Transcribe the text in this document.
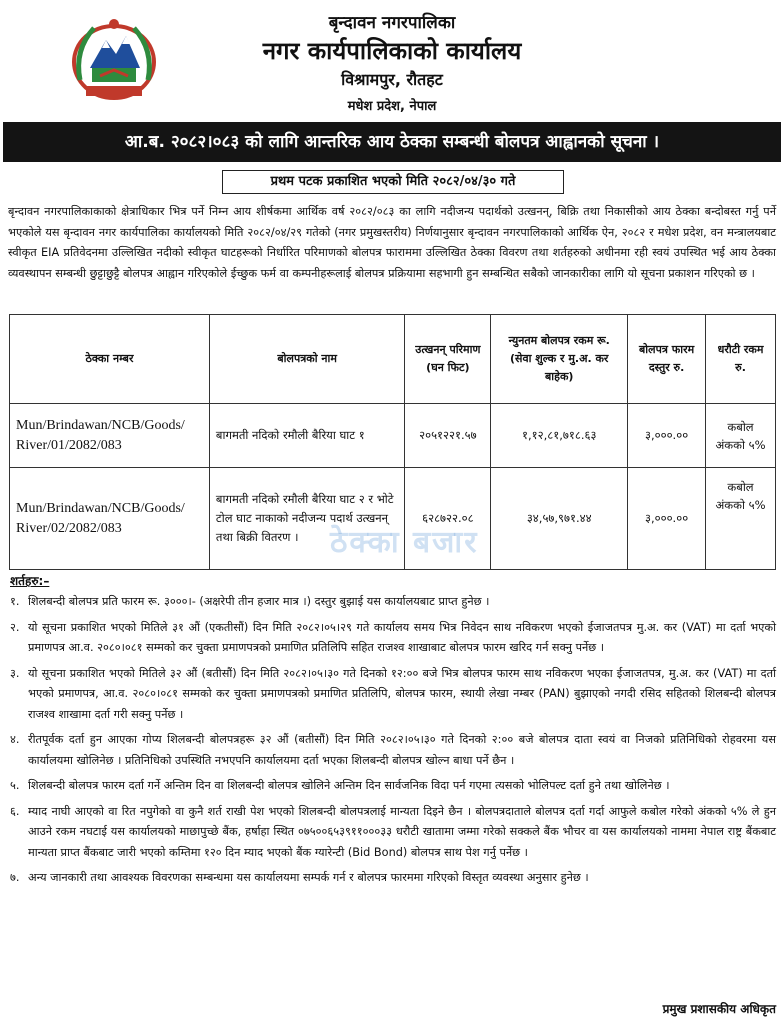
बृन्दावन नगरपालिका
नगर कार्यपालिकाको कार्यालय
विश्रामपुर, रौतहट
मधेश प्रदेश, नेपाल
आ.ब. २०८२।०८३ को लागि आन्तरिक आय ठेक्का सम्बन्धी बोलपत्र आह्वानको सूचना ।
प्रथम पटक प्रकाशित भएको मिति २०८२/०४/३० गते
बृन्दावन नगरपालिकाकाको क्षेत्राधिकार भित्र पर्ने निम्न आय शीर्षकमा आर्थिक वर्ष २०८२/०८३ का लागि नदीजन्य पदार्थको उत्खनन्, बिक्रि तथा निकासीको आय ठेक्का बन्दोबस्त गर्नु पर्ने भएकोले यस बृन्दावन नगर कार्यपालिका कार्यालयको मिति २०८२/०४/२९ गतेको (नगर प्रमुखस्तरीय) निर्णयानुसार बृन्दावन नगरपालिकाको आर्थिक ऐन, २०८२ र मधेश प्रदेश, वन मन्त्रालयबाट स्वीकृत EIA प्रतिवेदनमा उल्लिखित नदीको स्वीकृत घाटहरूको निर्धारित परिमाणको बोलपत्र फाराममा उल्लिखित ठेक्का विवरण तथा शर्तहरुको अधीनमा रही स्वयं उपस्थित भई आय ठेक्का व्यवस्थापन सम्बन्धी छुट्टाछुट्टै बोलपत्र आह्वान गरिएकोले ईच्छुक फर्म वा कम्पनीहरूलाई बोलपत्र प्रक्रियामा सहभागी हुन सम्बन्धित सबैको जानकारीका लागि यो सूचना प्रकाशन गरिएको छ ।
ठेक्का नम्बर	बोलपत्रको नाम	उत्खनन् परिमाण (घन फिट)	न्युनतम बोलपत्र रकम रू. (सेवा शुल्क र मु.अ. कर बाहेक)	बोलपत्र फारम दस्तुर रु.	धरौटी रकम रु.
Mun/Brindawan/NCB/Goods/ River/01/2082/083	बागमती नदिको रमौली बैरिया घाट १	२०५१२२१.५७	१,१२,८१,७१८.६३	३,०००.००	कबोल अंकको ५%
Mun/Brindawan/NCB/Goods/ River/02/2082/083	बागमती नदिको रमौली बैरिया घाट २ र भोटे टोल घाट नाकाको नदीजन्य पदार्थ उत्खनन् तथा बिक्री वितरण ।	६२८७२२.०८	३४,५७,९७१.४४	३,०००.००	कबोल अंकको ५%
ठेक्का बजार
शर्तहरु:–
१. शिलबन्दी बोलपत्र प्रति फारम रू. ३०००।- (अक्षरेपी तीन हजार मात्र ।) दस्तुर बुझाई यस कार्यालयबाट प्राप्त हुनेछ ।
२. यो सूचना प्रकाशित भएको मितिले ३१ औं (एकतीसौं) दिन मिति २०८२।०५।२९ गते कार्यालय समय भित्र निवेदन साथ नविकरण भएको ईजाजतपत्र मु.अ. कर (VAT) मा दर्ता भएको प्रमाणपत्र आ.व. २०८०।०८१ सम्मको कर चुक्ता प्रमाणपत्रको प्रमाणित प्रतिलिपि सहित राजश्व शाखाबाट बोलपत्र फारम खरिद गर्न सक्नु पर्नेछ ।
३. यो सूचना प्रकाशित भएको मितिले ३२ औं (बतीसौं) दिन मिति २०८२।०५।३० गते दिनको १२:०० बजे भित्र बोलपत्र फारम साथ नविकरण भएका ईजाजतपत्र, मु.अ. कर (VAT) मा दर्ता भएको प्रमाणपत्र, आ.व. २०८०।०८१ सम्मको कर चुक्ता प्रमाणपत्रको प्रमाणित प्रतिलिपि, बोलपत्र फारम, स्थायी लेखा नम्बर (PAN) बुझाएको नगदी रसिद सहितको शिलबन्दी बोलपत्र राजश्व शाखामा दर्ता गरी सक्नु पर्नेछ ।
४. रीतपूर्वक दर्ता हुन आएका गोप्य शिलबन्दी बोलपत्रहरू ३२ औं (बतीसौं) दिन मिति २०८२।०५।३० गते दिनको २:०० बजे बोलपत्र दाता स्वयं वा निजको प्रतिनिधिको रोहवरमा यस कार्यालयमा खोलिनेछ । प्रतिनिधिको उपस्थिति नभएपनि कार्यालयमा दर्ता भएका शिलबन्दी बोलपत्र खोल्न बाधा पर्ने छैन ।
५. शिलबन्दी बोलपत्र फारम दर्ता गर्ने अन्तिम दिन वा शिलबन्दी बोलपत्र खोलिने अन्तिम दिन सार्वजनिक विदा पर्न गएमा त्यसको भोलिपल्ट दर्ता हुने तथा खोलिनेछ ।
६. म्याद नाघी आएको वा रित नपुगेको वा कुनै शर्त राखी पेश भएको शिलबन्दी बोलपत्रलाई मान्यता दिइने छैन । बोलपत्रदाताले बोलपत्र दर्ता गर्दा आफुले कबोल गरेको अंकको ५% ले हुन आउने रकम नघटाई यस कार्यालयको माछापुच्छे बैंक, हर्षाहा स्थित ०७५००६५३९११०००३३ धरौटी खातामा जम्मा गरेको सक्कले बैंक भौचर वा यस कार्यालयको नाममा नेपाल राष्ट्र बैंकबाट मान्यता प्राप्त बैंकबाट जारी भएको कम्तिमा १२० दिन म्याद भएको बैंक ग्यारेन्टी (Bid Bond) बोलपत्र साथ पेश गर्नु पर्नेछ ।
७. अन्य जानकारी तथा आवश्यक विवरणका सम्बन्धमा यस कार्यालयमा सम्पर्क गर्न र बोलपत्र फारममा गरिएको विस्तृत व्यवस्था अनुसार हुनेछ ।
प्रमुख प्रशासकीय अधिकृत
